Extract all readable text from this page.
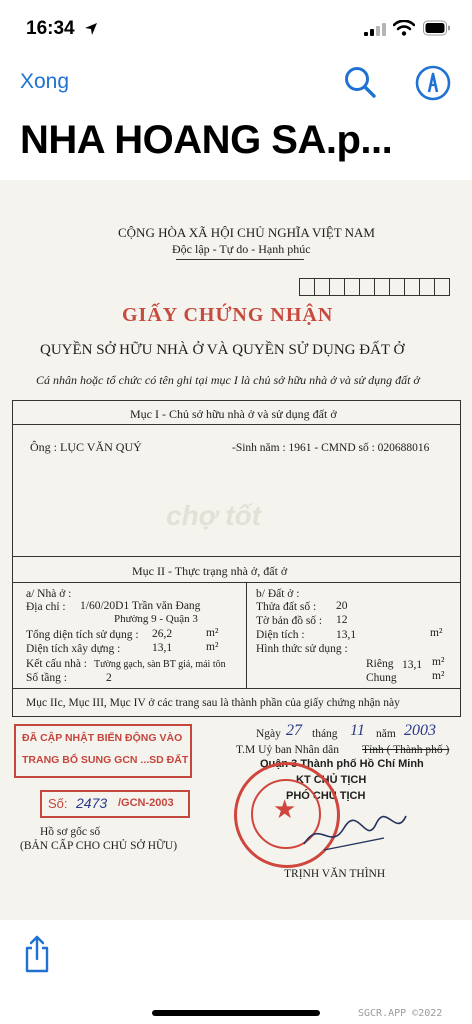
16:34
Xong
NHA HOANG SA.p...
CỘNG HÒA XÃ HỘI CHỦ NGHĨA VIỆT NAM
Độc lập - Tự do - Hạnh phúc
GIẤY CHỨNG NHẬN
QUYỀN SỞ HỮU NHÀ Ở VÀ QUYỀN SỬ DỤNG ĐẤT Ở
Cá nhân hoặc tổ chức có tên ghi tại mục I là chủ sở hữu nhà ở và sử dụng đất ở
Mục I - Chủ sở hữu nhà ở và sử dụng đất ở
Ông : LỤC VĂN QUÝ	-Sinh năm : 1961 - CMND số : 020688016
chợ tốt
Mục II - Thực trạng nhà ở, đất ở
a/ Nhà ở :
Địa chỉ : 1/60/20D1 Trần văn Đang
Phường 9 - Quận 3
Tổng diện tích sử dụng : 26,2	m²
Diện tích xây dựng :	13,1	m²
Kết cấu nhà : Tường gạch, sàn BT giả, mái tôn
Số tầng :	2
b/ Đất ở :
Thửa đất số : 20
Tờ bản đồ số : 12
Diện tích :	13,1	m²
Hình thức sử dụng :
Riêng 13,1 m²
Chung	m²
Mục IIc, Mục III, Mục IV ở các trang sau là thành phần của giấy chứng nhận này
ĐÃ CẬP NHẬT BIẾN ĐỘNG VÀO
TRANG BỔ SUNG GCN ...SD ĐẤT
Số: 2473 /GCN-2003
Hồ sơ gốc số
(BẢN CẤP CHO CHỦ SỞ HỮU)
Ngày 27 tháng 11 năm 2003
T.M Uỷ ban Nhân dân Tỉnh ( Thành phố )
Quận 3 Thành phố Hồ Chí Minh
KT CHỦ TỊCH
PHÓ CHỦ TỊCH
★
TRỊNH VĂN THÌNH
SGCR.APP ©2022
